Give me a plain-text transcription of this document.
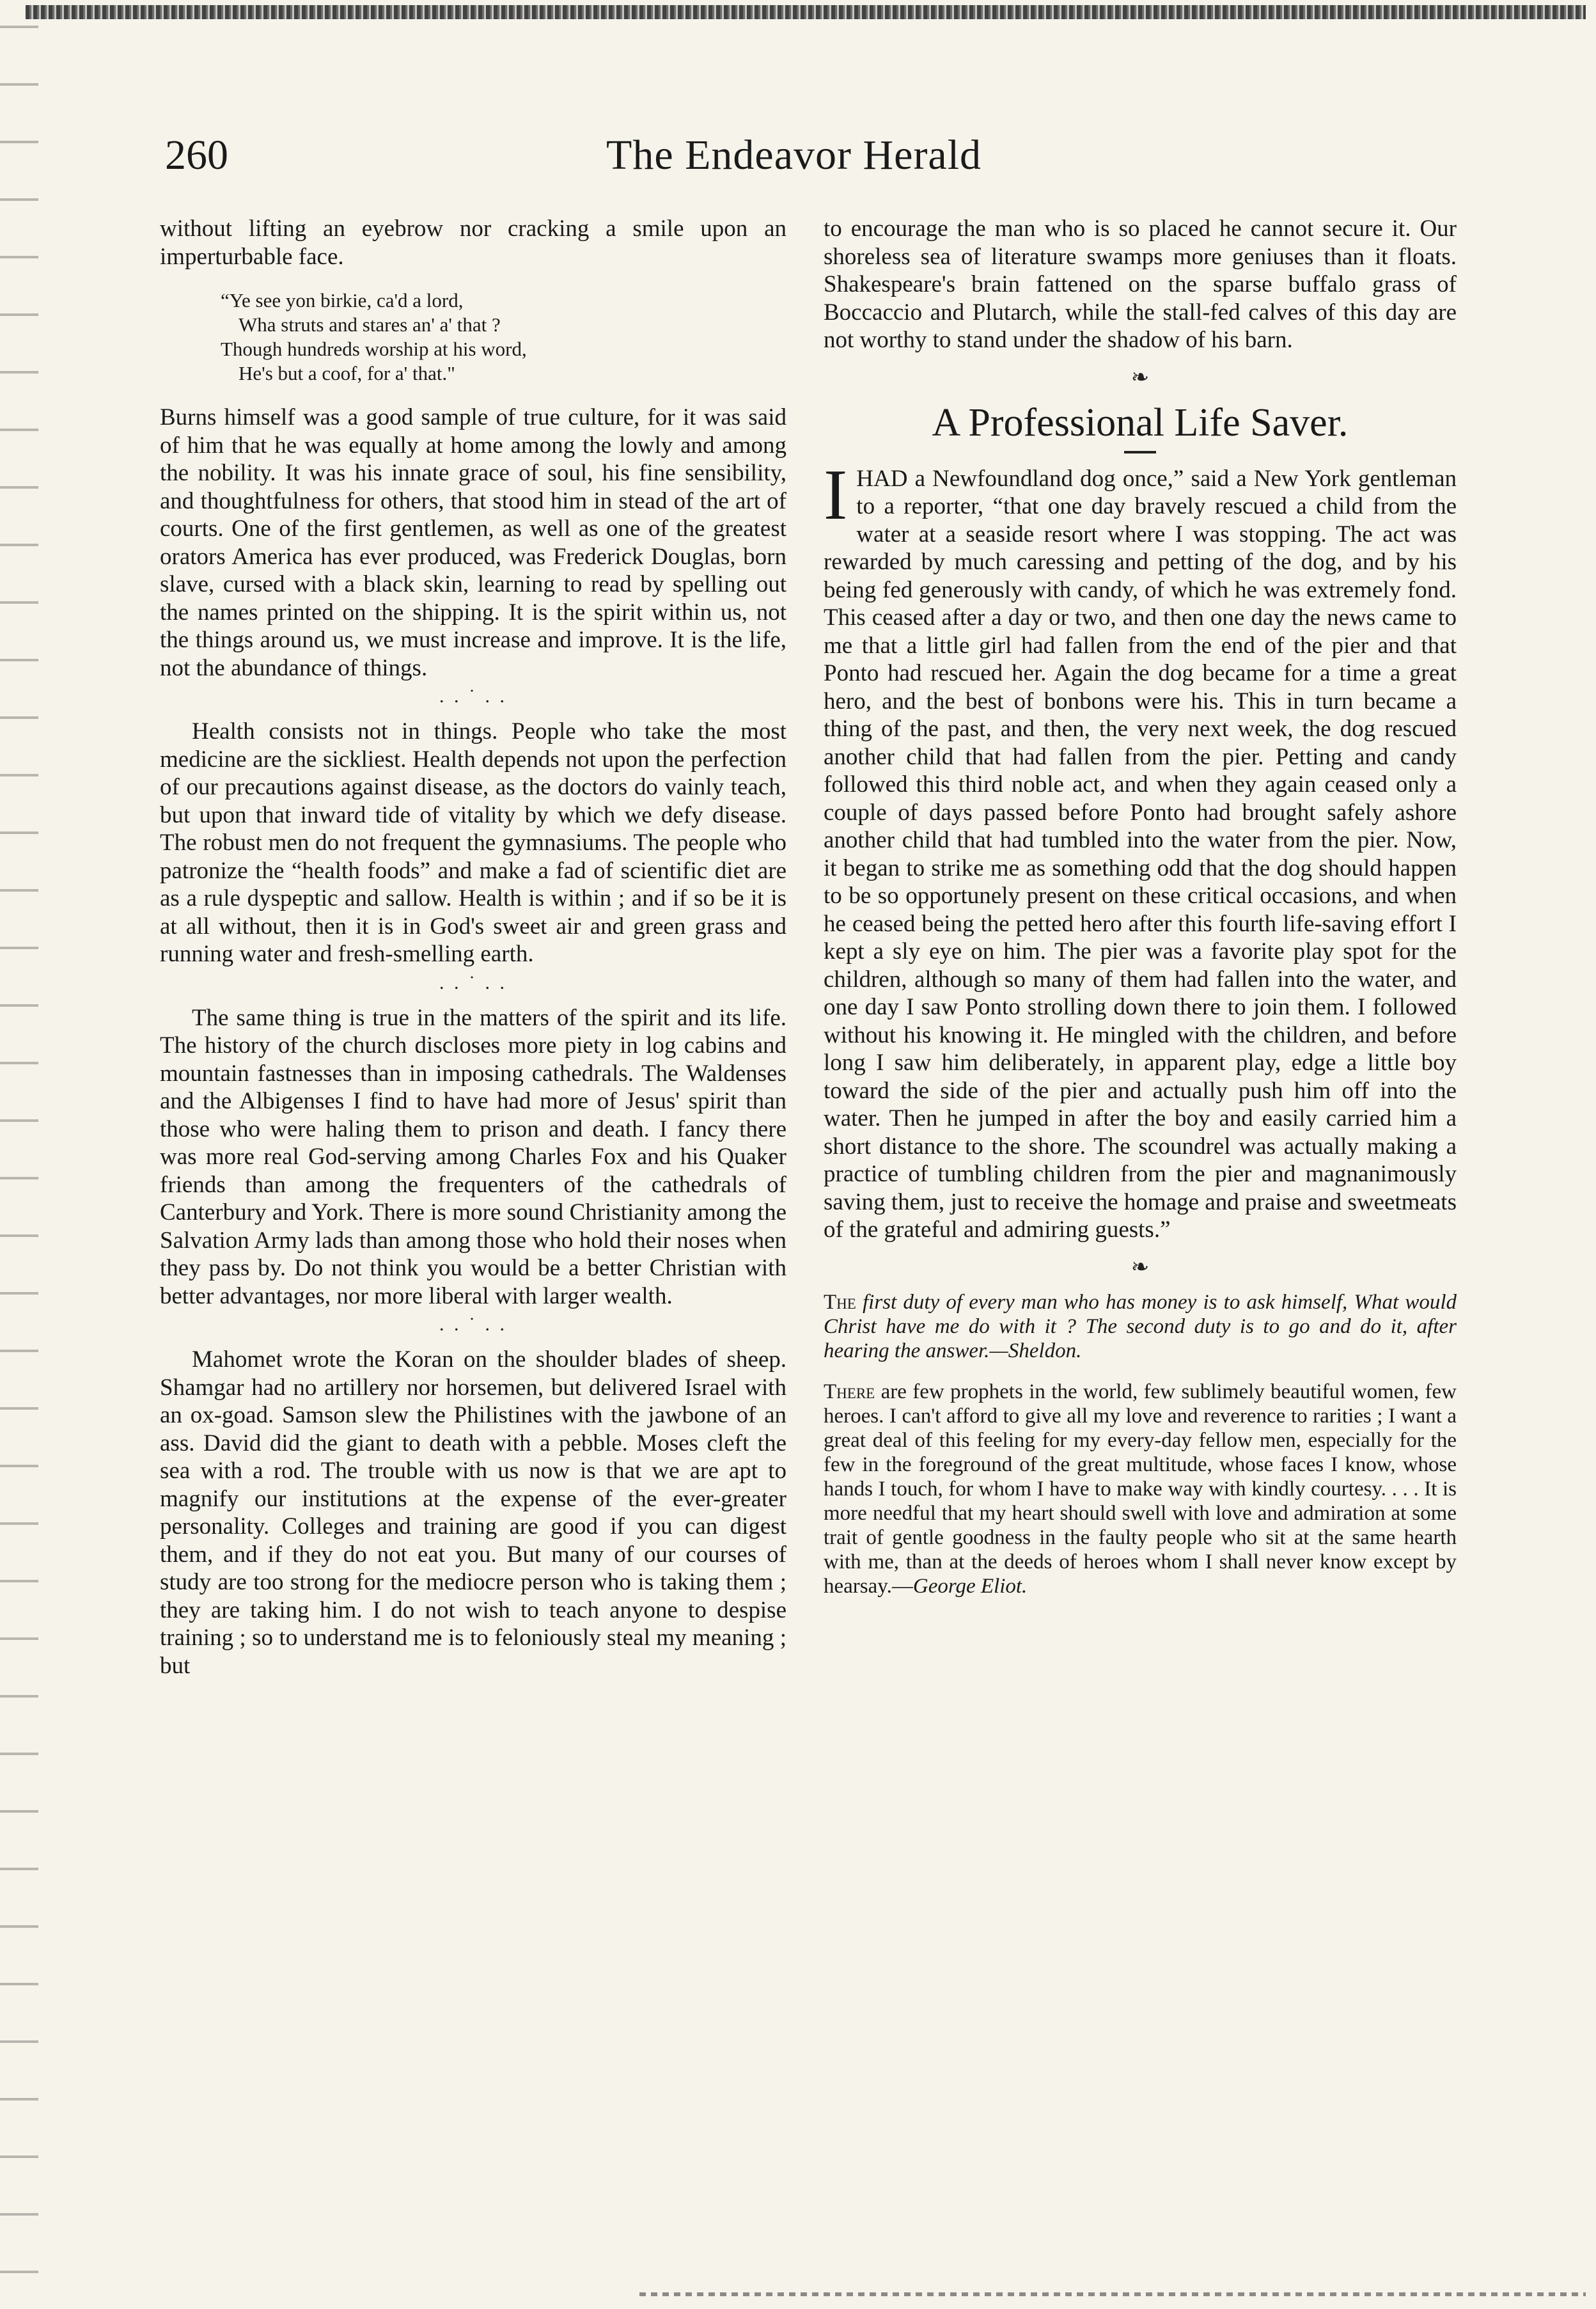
260	The Endeavor Herald

without lifting an eyebrow nor cracking a smile upon an imperturbable face.

“Ye see yon birkie, ca'd a lord,
Wha struts and stares an' a' that ?
Though hundreds worship at his word,
He's but a coof, for a' that."

Burns himself was a good sample of true culture, for it was said of him that he was equally at home among the lowly and among the nobility. It was his innate grace of soul, his fine sensibility, and thoughtfulness for others, that stood him in stead of the art of courts. One of the first gentlemen, as well as one of the greatest orators America has ever produced, was Frederick Douglas, born slave, cursed with a black skin, learning to read by spelling out the names printed on the shipping. It is the spirit within us, not the things around us, we must increase and improve. It is the life, not the abundance of things.

. . ˙ . .

Health consists not in things. People who take the most medicine are the sickliest. Health depends not upon the perfection of our precautions against disease, as the doctors do vainly teach, but upon that inward tide of vitality by which we defy disease. The robust men do not frequent the gymnasiums. The people who patronize the “health foods” and make a fad of scientific diet are as a rule dyspeptic and sallow. Health is within ; and if so be it is at all without, then it is in God's sweet air and green grass and running water and fresh-smelling earth.

. . ˙ . .

The same thing is true in the matters of the spirit and its life. The history of the church discloses more piety in log cabins and mountain fastnesses than in imposing cathedrals. The Waldenses and the Albigenses I find to have had more of Jesus' spirit than those who were haling them to prison and death. I fancy there was more real God-serving among Charles Fox and his Quaker friends than among the frequenters of the cathedrals of Canterbury and York. There is more sound Christianity among the Salvation Army lads than among those who hold their noses when they pass by. Do not think you would be a better Christian with better advantages, nor more liberal with larger wealth.

. . ˙ . .

Mahomet wrote the Koran on the shoulder blades of sheep. Shamgar had no artillery nor horsemen, but delivered Israel with an ox-goad. Samson slew the Philistines with the jawbone of an ass. David did the giant to death with a pebble. Moses cleft the sea with a rod. The trouble with us now is that we are apt to magnify our institutions at the expense of the ever-greater personality. Colleges and training are good if you can digest them, and if they do not eat you. But many of our courses of study are too strong for the mediocre person who is taking them ; they are taking him. I do not wish to teach anyone to despise training ; so to understand me is to feloniously steal my meaning ; but

to encourage the man who is so placed he cannot secure it. Our shoreless sea of literature swamps more geniuses than it floats. Shakespeare's brain fattened on the sparse buffalo grass of Boccaccio and Plutarch, while the stall-fed calves of this day are not worthy to stand under the shadow of his barn.

❧
A Professional Life Saver.

IHAD a Newfoundland dog once,” said a New York gentleman to a reporter, “that one day bravely rescued a child from the water at a seaside resort where I was stopping. The act was rewarded by much caressing and petting of the dog, and by his being fed generously with candy, of which he was extremely fond. This ceased after a day or two, and then one day the news came to me that a little girl had fallen from the end of the pier and that Ponto had rescued her. Again the dog became for a time a great hero, and the best of bonbons were his. This in turn became a thing of the past, and then, the very next week, the dog rescued another child that had fallen from the pier. Petting and candy followed this third noble act, and when they again ceased only a couple of days passed before Ponto had brought safely ashore another child that had tumbled into the water from the pier. Now, it began to strike me as something odd that the dog should happen to be so opportunely present on these critical occasions, and when he ceased being the petted hero after this fourth life-saving effort I kept a sly eye on him. The pier was a favorite play spot for the children, although so many of them had fallen into the water, and one day I saw Ponto strolling down there to join them. I followed without his knowing it. He mingled with the children, and before long I saw him deliberately, in apparent play, edge a little boy toward the side of the pier and actually push him off into the water. Then he jumped in after the boy and easily carried him a short distance to the shore. The scoundrel was actually making a practice of tumbling children from the pier and magnanimously saving them, just to receive the homage and praise and sweetmeats of the grateful and admiring guests.”

❧

The first duty of every man who has money is to ask himself, What would Christ have me do with it ? The second duty is to go and do it, after hearing the answer.—Sheldon.

There are few prophets in the world, few sublimely beautiful women, few heroes. I can't afford to give all my love and reverence to rarities ; I want a great deal of this feeling for my every-day fellow men, especially for the few in the foreground of the great multitude, whose faces I know, whose hands I touch, for whom I have to make way with kindly courtesy. . . . It is more needful that my heart should swell with love and admiration at some trait of gentle goodness in the faulty people who sit at the same hearth with me, than at the deeds of heroes whom I shall never know except by hearsay.—George Eliot.
